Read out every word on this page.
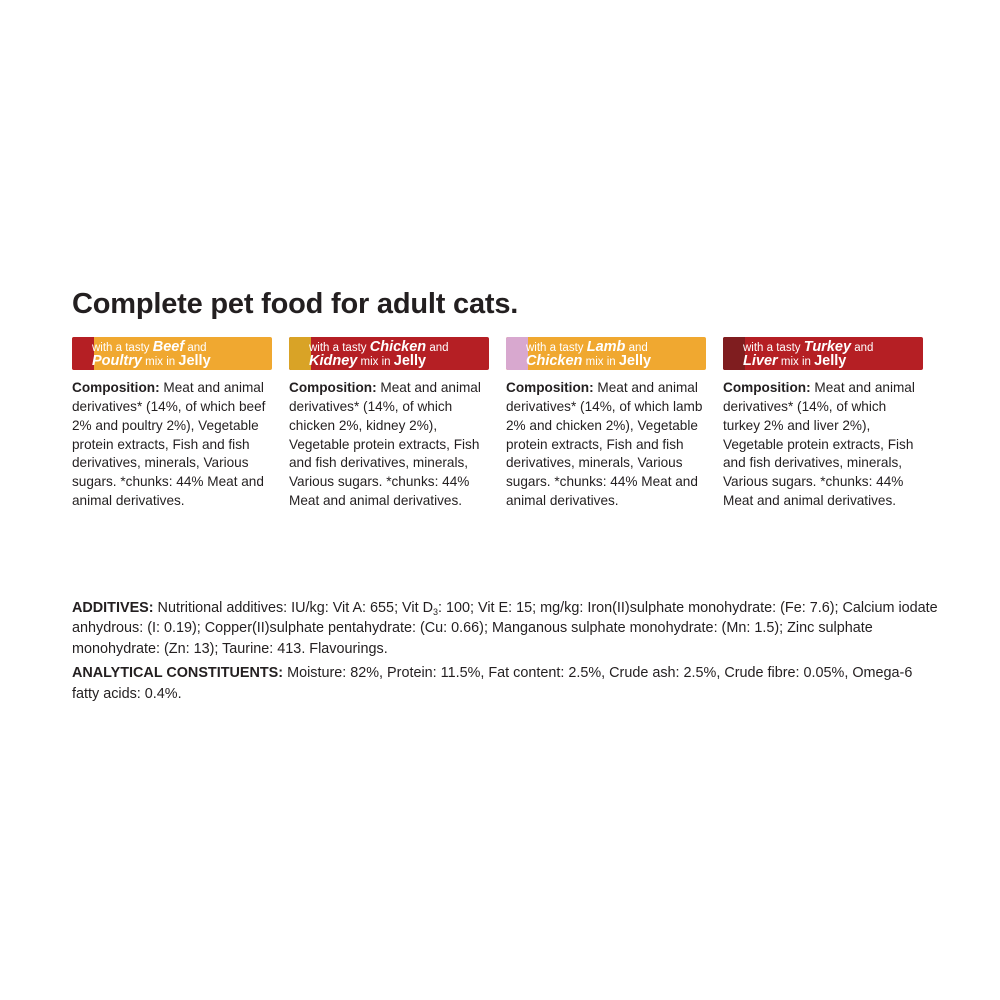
Complete pet food for adult cats.
with a tasty Beef and
Poultry mix in Jelly
Composition: Meat and animal derivatives* (14%, of which beef 2% and poultry 2%), Vegetable protein extracts, Fish and fish derivatives, minerals, Various sugars. *chunks: 44% Meat and animal derivatives.
with a tasty Chicken and
Kidney mix in Jelly
Composition: Meat and animal derivatives* (14%, of which chicken 2%, kidney 2%), Vegetable protein extracts, Fish and fish derivatives, minerals, Various sugars. *chunks: 44% Meat and animal derivatives.
with a tasty Lamb and
Chicken mix in Jelly
Composition: Meat and animal derivatives* (14%, of which lamb 2% and chicken 2%), Vegetable protein extracts, Fish and fish derivatives, minerals, Various sugars. *chunks: 44% Meat and animal derivatives.
with a tasty Turkey and
Liver mix in Jelly
Composition: Meat and animal derivatives* (14%, of which turkey 2% and liver 2%), Vegetable protein extracts, Fish and fish derivatives, minerals, Various sugars. *chunks: 44% Meat and animal derivatives.

ADDITIVES: Nutritional additives: IU/kg: Vit A: 655; Vit $D_3$: 100; Vit E: 15; mg/kg: Iron(II)sulphate monohydrate: (Fe: 7.6); Calcium iodate anhydrous: (I: 0.19); Copper(II)sulphate pentahydrate: (Cu: 0.66); Manganous sulphate monohydrate: (Mn: 1.5); Zinc sulphate monohydrate: (Zn: 13); Taurine: 413. Flavourings.

ANALYTICAL CONSTITUENTS: Moisture: 82%, Protein: 11.5%, Fat content: 2.5%, Crude ash: 2.5%, Crude fibre: 0.05%, Omega-6 fatty acids: 0.4%.
